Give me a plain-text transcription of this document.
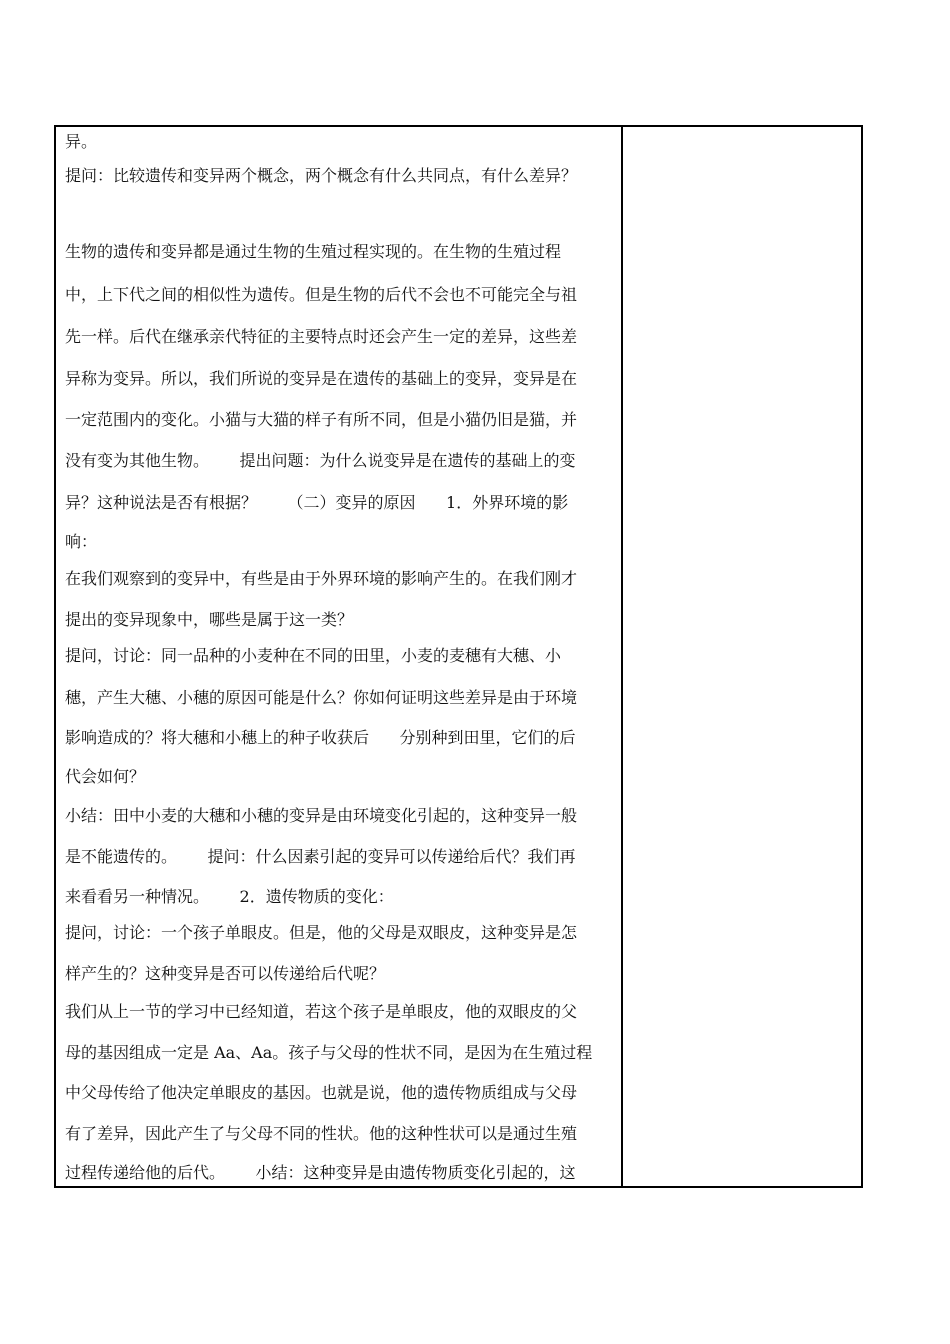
异。
提问：比较遗传和变异两个概念，两个概念有什么共同点，有什么差异？
生物的遗传和变异都是通过生物的生殖过程实现的。在生物的生殖过程
中，上下代之间的相似性为遗传。但是生物的后代不会也不可能完全与祖
先一样。后代在继承亲代特征的主要特点时还会产生一定的差异，这些差
异称为变异。所以，我们所说的变异是在遗传的基础上的变异，变异是在
一定范围内的变化。小猫与大猫的样子有所不同，但是小猫仍旧是猫，并
没有变为其他生物。      提出问题：为什么说变异是在遗传的基础上的变
异？这种说法是否有根据？      （二）变异的原因      1．外界环境的影
响：
在我们观察到的变异中，有些是由于外界环境的影响产生的。在我们刚才
提出的变异现象中，哪些是属于这一类？
提问，讨论：同一品种的小麦种在不同的田里，小麦的麦穗有大穗、小
穗，产生大穗、小穗的原因可能是什么？你如何证明这些差异是由于环境
影响造成的？将大穗和小穗上的种子收获后      分别种到田里，它们的后
代会如何？
小结：田中小麦的大穗和小穗的变异是由环境变化引起的，这种变异一般
是不能遗传的。      提问：什么因素引起的变异可以传递给后代？我们再
来看看另一种情况。      2．遗传物质的变化：
提问，讨论：一个孩子单眼皮。但是，他的父母是双眼皮，这种变异是怎
样产生的？这种变异是否可以传递给后代呢？
我们从上一节的学习中已经知道，若这个孩子是单眼皮，他的双眼皮的父
母的基因组成一定是 Aa、Aa。孩子与父母的性状不同，是因为在生殖过程
中父母传给了他决定单眼皮的基因。也就是说，他的遗传物质组成与父母
有了差异，因此产生了与父母不同的性状。他的这种性状可以是通过生殖
过程传递给他的后代。      小结：这种变异是由遗传物质变化引起的，这
